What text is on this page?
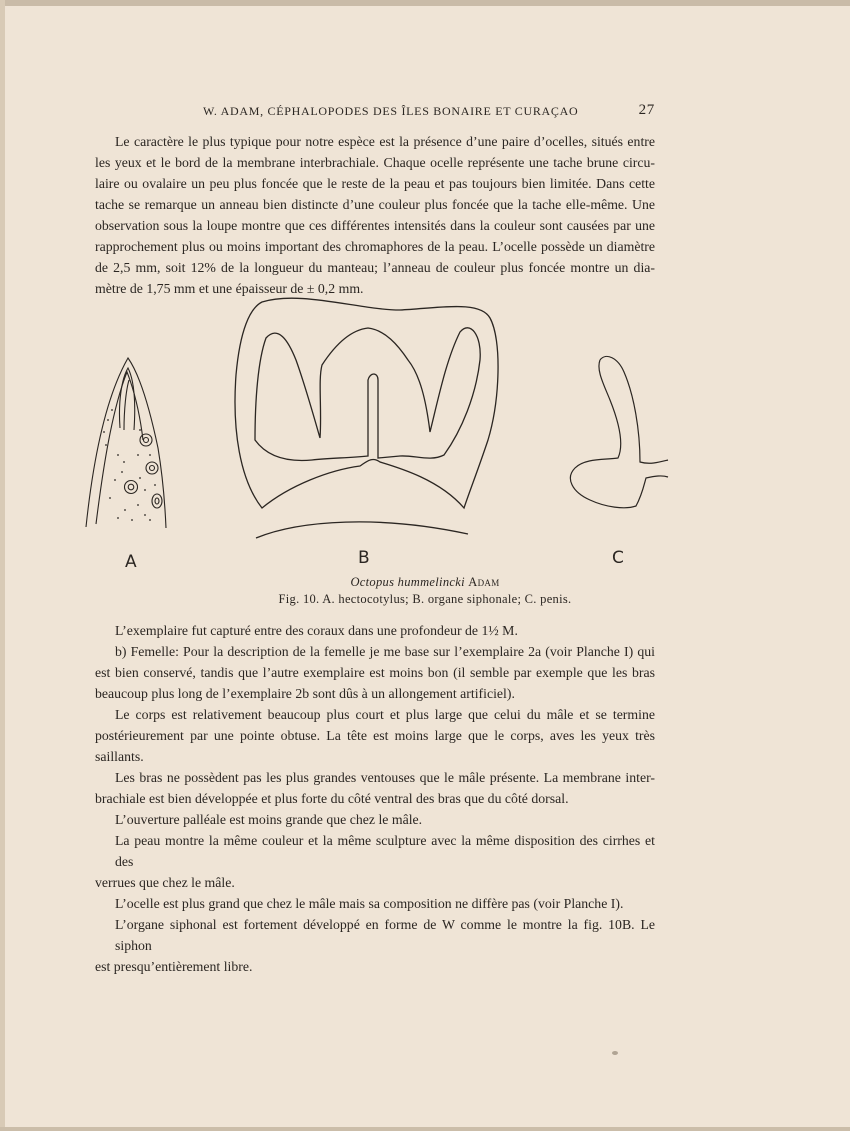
W. ADAM, CÉPHALOPODES DES ÎLES BONAIRE ET CURAÇAO	27

Le caractère le plus typique pour notre espèce est la présence d’une paire d’ocelles, situés entre
les yeux et le bord de la membrane interbrachiale. Chaque ocelle représente une tache brune circu-
laire ou ovalaire un peu plus foncée que le reste de la peau et pas toujours bien limitée. Dans cette
tache se remarque un anneau bien distincte d’une couleur plus foncée que la tache elle-même. Une
observation sous la loupe montre que ces différentes intensités dans la couleur sont causées par une
rapprochement plus ou moins important des chromaphores de la peau. L’ocelle possède un diamètre
de 2,5 mm, soit 12% de la longueur du manteau; l’anneau de couleur plus foncée montre un dia-
mètre de 1,75 mm et une épaisseur de ± 0,2 mm.

A	B	C
Octopus hummelincki Adam
Fig. 10. A. hectocotylus; B. organe siphonale; C. penis.
L’exemplaire fut capturé entre des coraux dans une profondeur de 1½ M.
b) Femelle: Pour la description de la femelle je me base sur l’exemplaire 2a (voir Planche I) qui
est bien conservé, tandis que l’autre exemplaire est moins bon (il semble par exemple que les bras
beaucoup plus long de l’exemplaire 2b sont dûs à un allongement artificiel).
Le corps est relativement beaucoup plus court et plus large que celui du mâle et se termine
postérieurement par une pointe obtuse. La tête est moins large que le corps, aves les yeux très
saillants.
Les bras ne possèdent pas les plus grandes ventouses que le mâle présente. La membrane inter-
brachiale est bien développée et plus forte du côté ventral des bras que du côté dorsal.
L’ouverture palléale est moins grande que chez le mâle.
La peau montre la même couleur et la même sculpture avec la même disposition des cirrhes et des
verrues que chez le mâle.
L’ocelle est plus grand que chez le mâle mais sa composition ne diffère pas (voir Planche I).
L’organe siphonal est fortement développé en forme de W comme le montre la fig. 10B. Le siphon
est presqu’entièrement libre.
